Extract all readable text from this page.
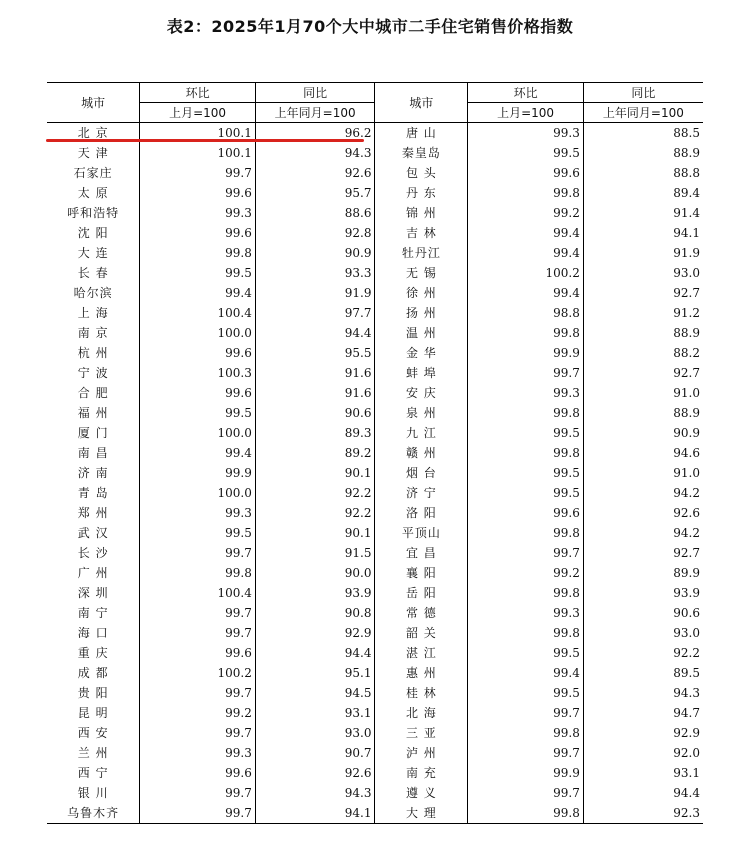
表2：2025年1月70个大中城市二手住宅销售价格指数
城市	环比	同比	城市	环比	同比
	上月=100	上年同月=100		上月=100	上年同月=100
北 京	100.1	96.2	唐 山	99.3	88.5
天 津	100.1	94.3	秦皇岛	99.5	88.9
石家庄	99.7	92.6	包 头	99.6	88.8
太 原	99.6	95.7	丹 东	99.8	89.4
呼和浩特	99.3	88.6	锦 州	99.2	91.4
沈 阳	99.6	92.8	吉 林	99.4	94.1
大 连	99.8	90.9	牡丹江	99.4	91.9
长 春	99.5	93.3	无 锡	100.2	93.0
哈尔滨	99.4	91.9	徐 州	99.4	92.7
上 海	100.4	97.7	扬 州	98.8	91.2
南 京	100.0	94.4	温 州	99.8	88.9
杭 州	99.6	95.5	金 华	99.9	88.2
宁 波	100.3	91.6	蚌 埠	99.7	92.7
合 肥	99.6	91.6	安 庆	99.3	91.0
福 州	99.5	90.6	泉 州	99.8	88.9
厦 门	100.0	89.3	九 江	99.5	90.9
南 昌	99.4	89.2	赣 州	99.8	94.6
济 南	99.9	90.1	烟 台	99.5	91.0
青 岛	100.0	92.2	济 宁	99.5	94.2
郑 州	99.3	92.2	洛 阳	99.6	92.6
武 汉	99.5	90.1	平顶山	99.8	94.2
长 沙	99.7	91.5	宜 昌	99.7	92.7
广 州	99.8	90.0	襄 阳	99.2	89.9
深 圳	100.4	93.9	岳 阳	99.8	93.9
南 宁	99.7	90.8	常 德	99.3	90.6
海 口	99.7	92.9	韶 关	99.8	93.0
重 庆	99.6	94.4	湛 江	99.5	92.2
成 都	100.2	95.1	惠 州	99.4	89.5
贵 阳	99.7	94.5	桂 林	99.5	94.3
昆 明	99.2	93.1	北 海	99.7	94.7
西 安	99.7	93.0	三 亚	99.8	92.9
兰 州	99.3	90.7	泸 州	99.7	92.0
西 宁	99.6	92.6	南 充	99.9	93.1
银 川	99.7	94.3	遵 义	99.7	94.4
乌鲁木齐	99.7	94.1	大 理	99.8	92.3
